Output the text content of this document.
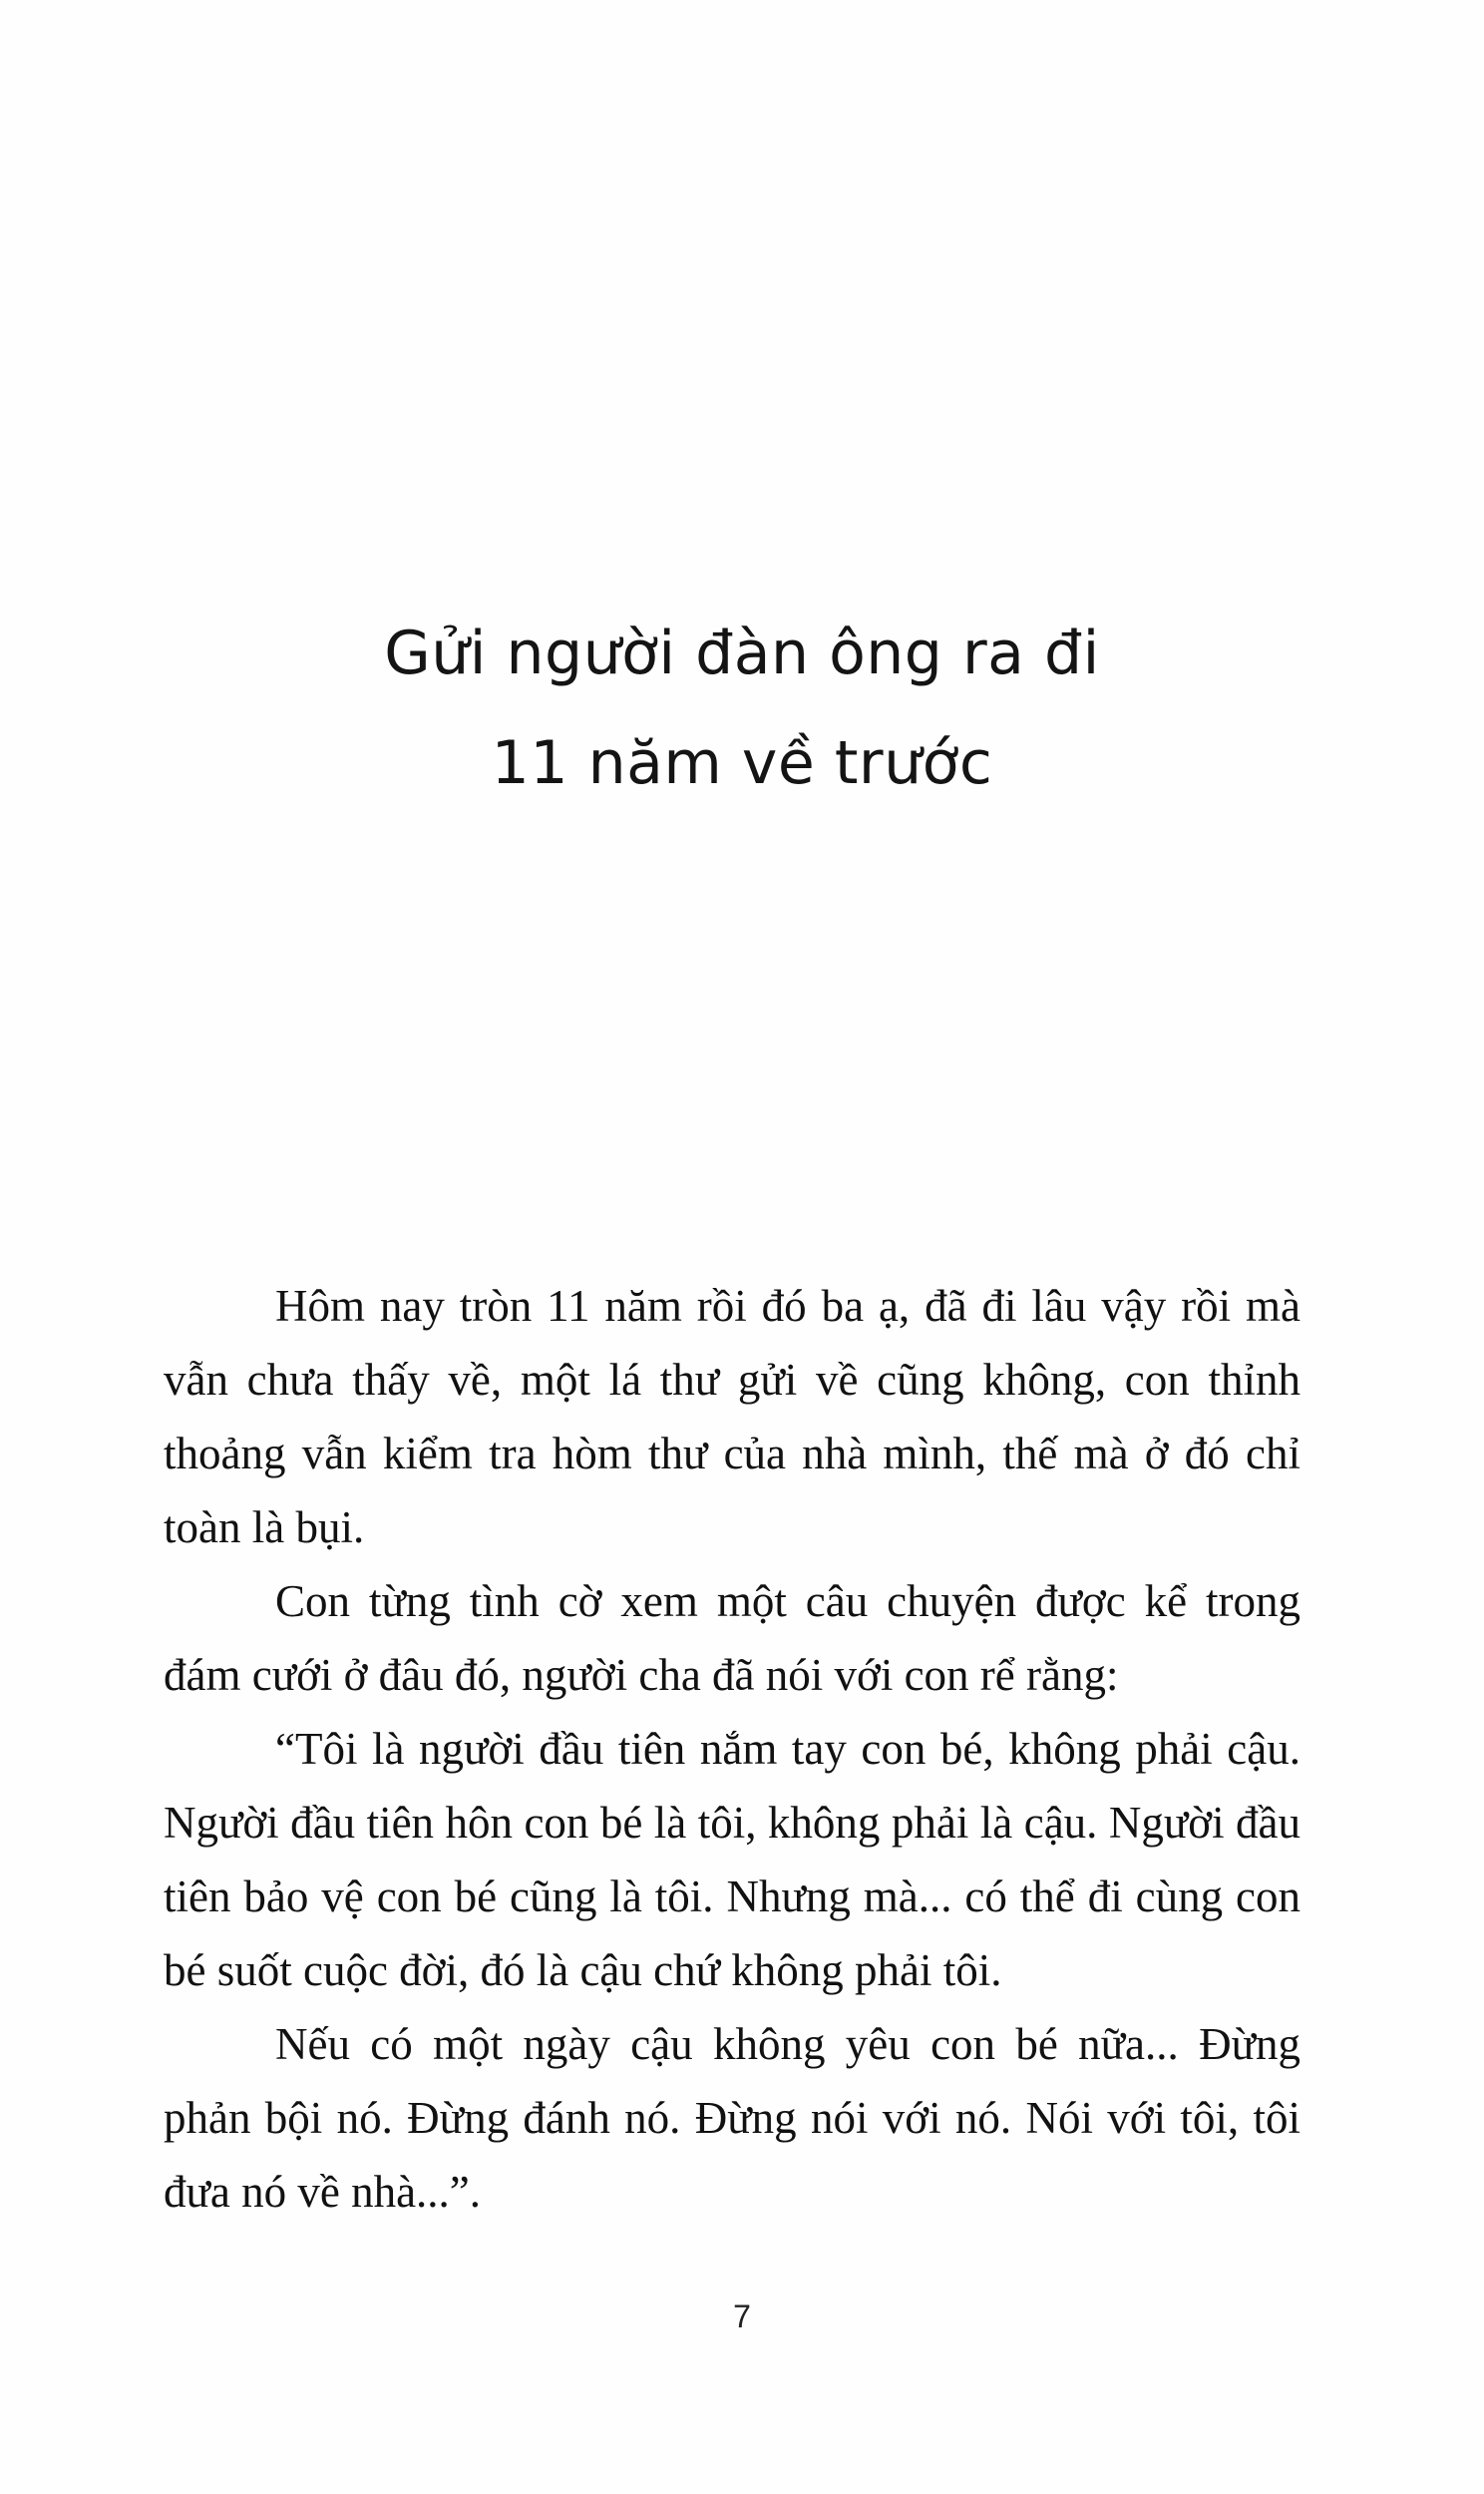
Gửi người đàn ông ra đi
11 năm về trước

Hôm nay tròn 11 năm rồi đó ba ạ, đã đi lâu vậy rồi mà vẫn chưa thấy về, một lá thư gửi về cũng không, con thỉnh thoảng vẫn kiểm tra hòm thư của nhà mình, thế mà ở đó chỉ toàn là bụi.

Con từng tình cờ xem một câu chuyện được kể trong đám cưới ở đâu đó, người cha đã nói với con rể rằng:

“Tôi là người đầu tiên nắm tay con bé, không phải cậu. Người đầu tiên hôn con bé là tôi, không phải là cậu. Người đầu tiên bảo vệ con bé cũng là tôi. Nhưng mà... có thể đi cùng con bé suốt cuộc đời, đó là cậu chứ không phải tôi.

Nếu có một ngày cậu không yêu con bé nữa... Đừng phản bội nó. Đừng đánh nó. Đừng nói với nó. Nói với tôi, tôi đưa nó về nhà...”.

7
